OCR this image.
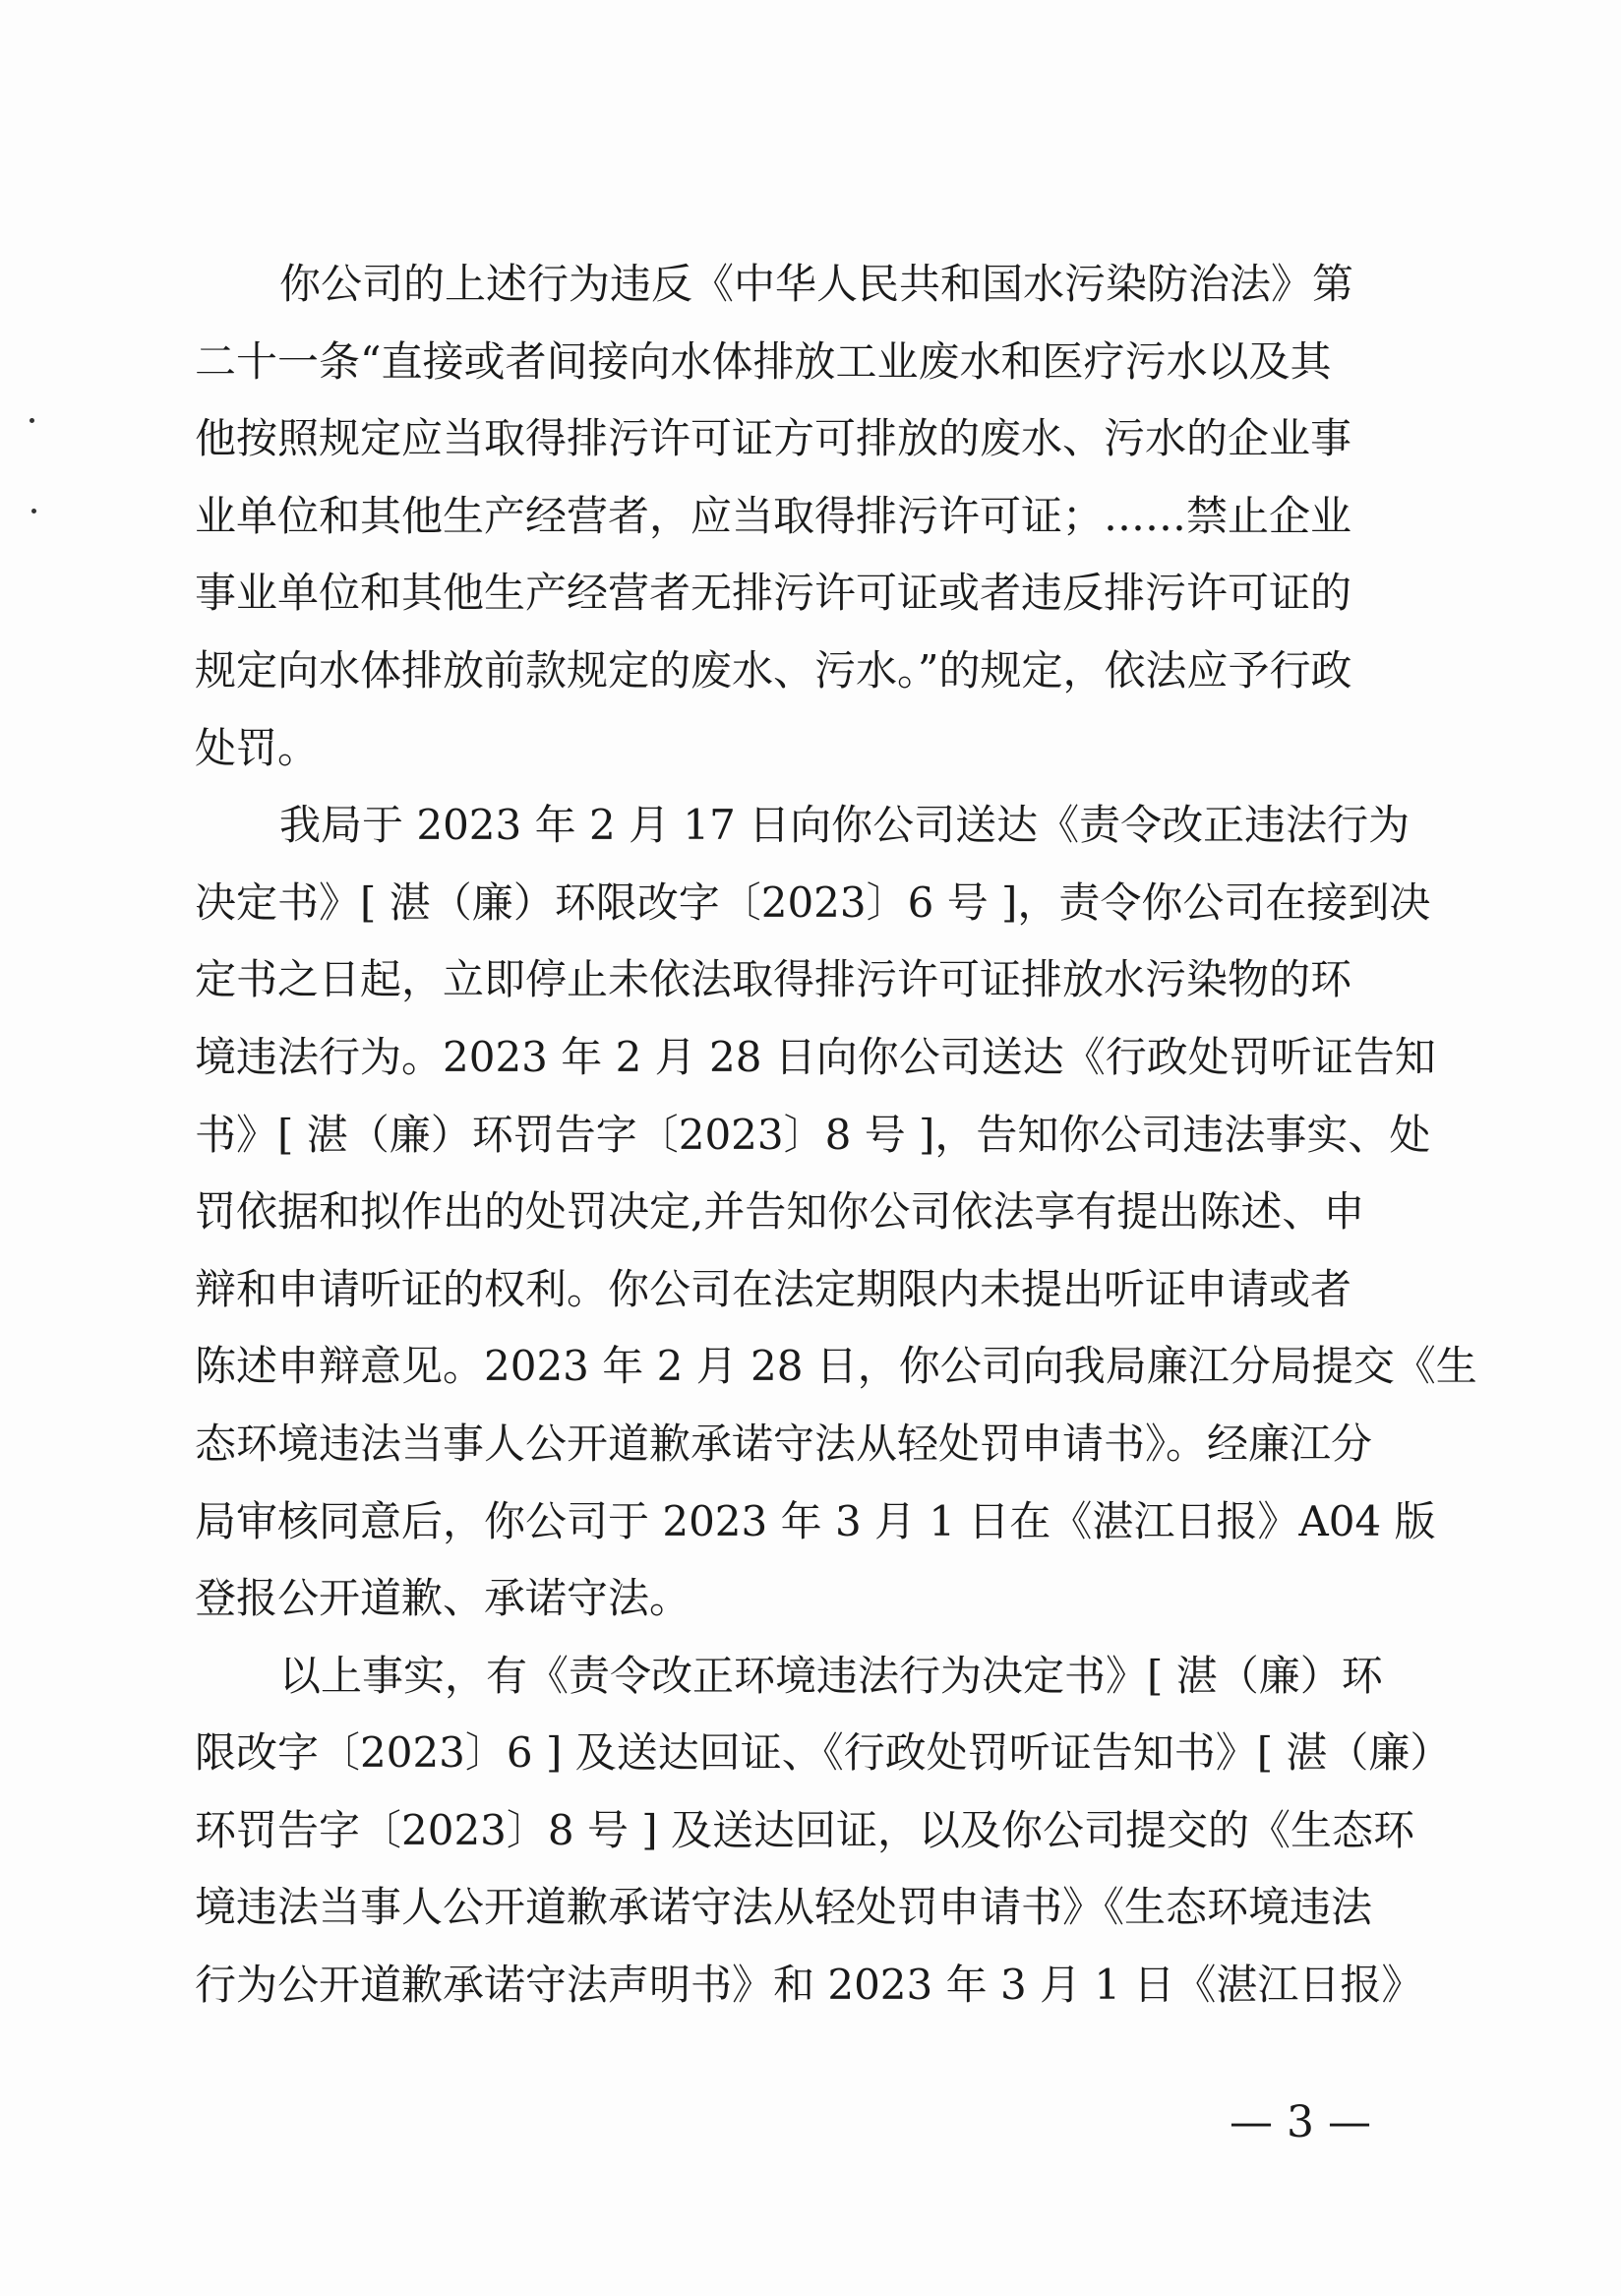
你公司的上述行为违反《中华人民共和国水污染防治法》第
二十一条“直接或者间接向水体排放工业废水和医疗污水以及其
他按照规定应当取得排污许可证方可排放的废水、污水的企业事
业单位和其他生产经营者，应当取得排污许可证；……禁止企业
事业单位和其他生产经营者无排污许可证或者违反排污许可证的
规定向水体排放前款规定的废水、污水。”的规定，依法应予行政
处罚。
我局于 2023 年 2 月 17 日向你公司送达《责令改正违法行为
决定书》[ 湛（廉）环限改字〔2023〕6 号 ]，责令你公司在接到决
定书之日起，立即停止未依法取得排污许可证排放水污染物的环
境违法行为。2023 年 2 月 28 日向你公司送达《行政处罚听证告知
书》[ 湛（廉）环罚告字〔2023〕8 号 ]，告知你公司违法事实、处
罚依据和拟作出的处罚决定,并告知你公司依法享有提出陈述、申
辩和申请听证的权利。你公司在法定期限内未提出听证申请或者
陈述申辩意见。2023 年 2 月 28 日，你公司向我局廉江分局提交《生
态环境违法当事人公开道歉承诺守法从轻处罚申请书》。经廉江分
局审核同意后，你公司于 2023 年 3 月 1 日在《湛江日报》A04 版
登报公开道歉、承诺守法。
以上事实，有《责令改正环境违法行为决定书》[ 湛（廉）环
限改字〔2023〕6 ] 及送达回证、《行政处罚听证告知书》[ 湛（廉）
环罚告字〔2023〕8 号 ] 及送达回证，以及你公司提交的《生态环
境违法当事人公开道歉承诺守法从轻处罚申请书》《生态环境违法
行为公开道歉承诺守法声明书》和 2023 年 3 月 1 日《湛江日报》
— 3 —
